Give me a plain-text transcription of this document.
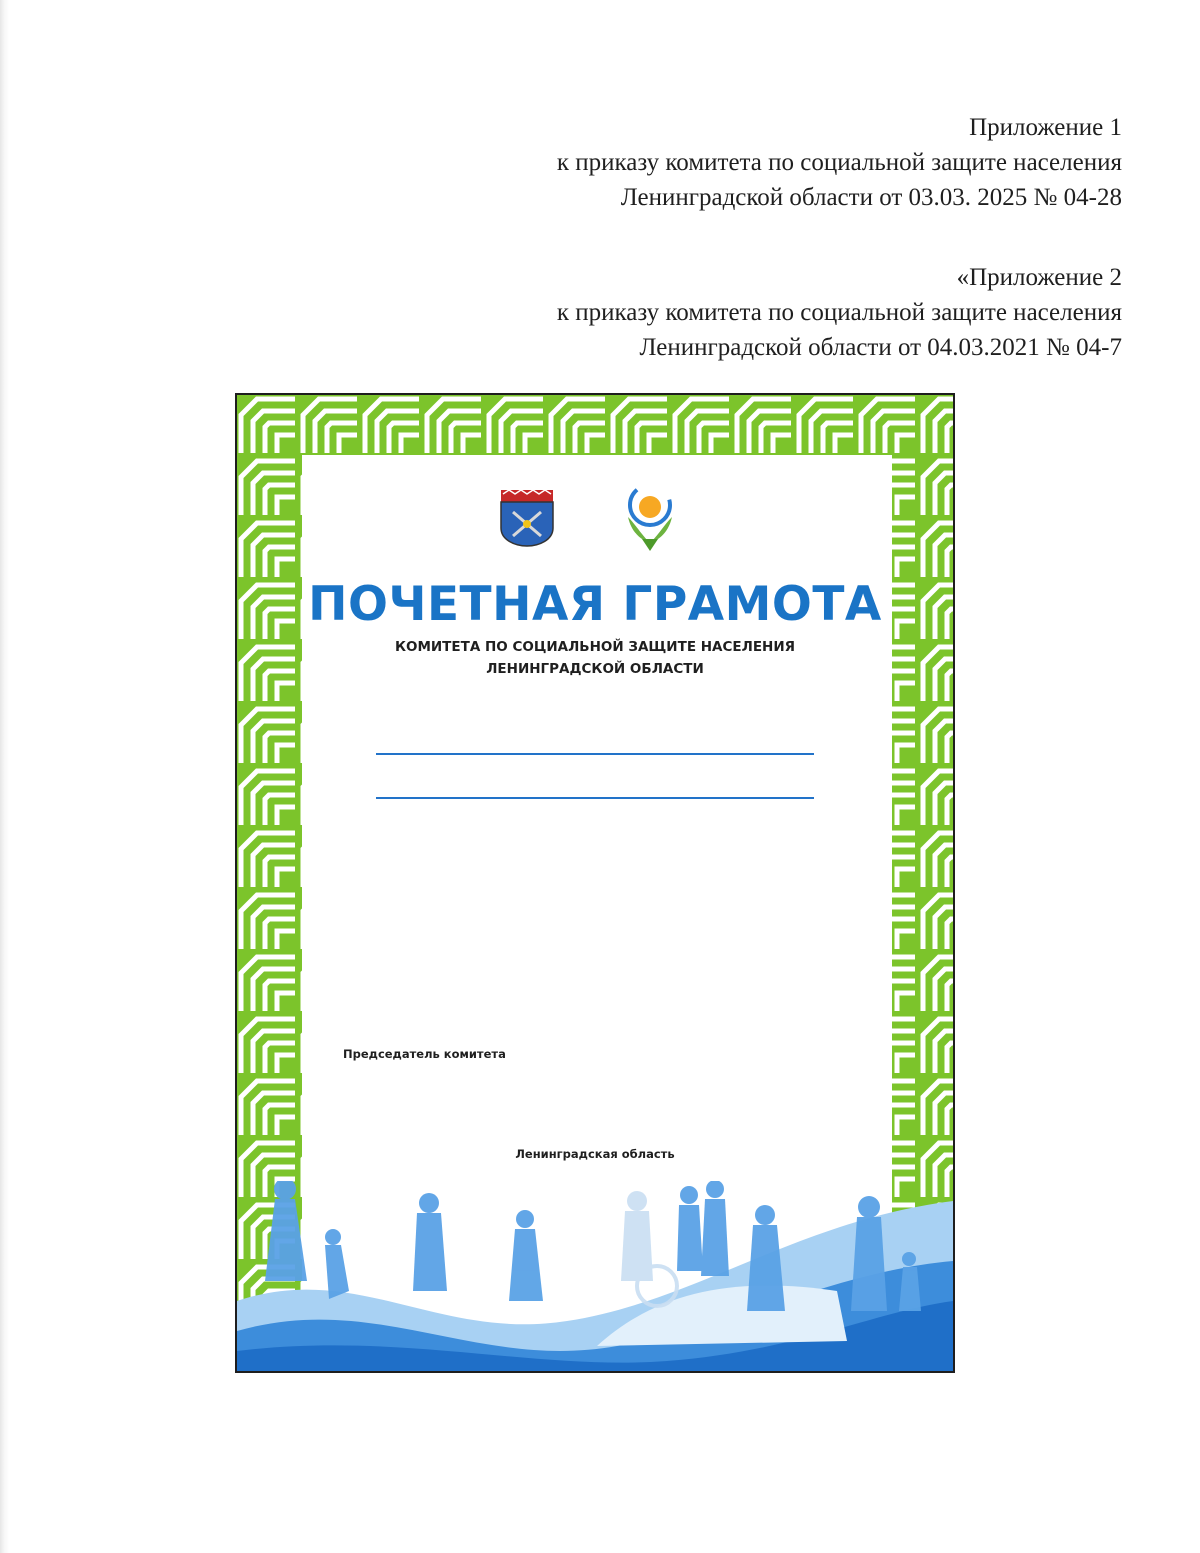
Приложение 1
к приказу комитета по социальной защите населения
Ленинградской области от 03.03. 2025 № 04-28
«Приложение 2
к приказу комитета по социальной защите населения
Ленинградской области от 04.03.2021 № 04-7
ПОЧЕТНАЯ ГРАМОТА
КОМИТЕТА ПО СОЦИАЛЬНОЙ ЗАЩИТЕ НАСЕЛЕНИЯ
ЛЕНИНГРАДСКОЙ ОБЛАСТИ
Председатель комитета
Ленинградская область
